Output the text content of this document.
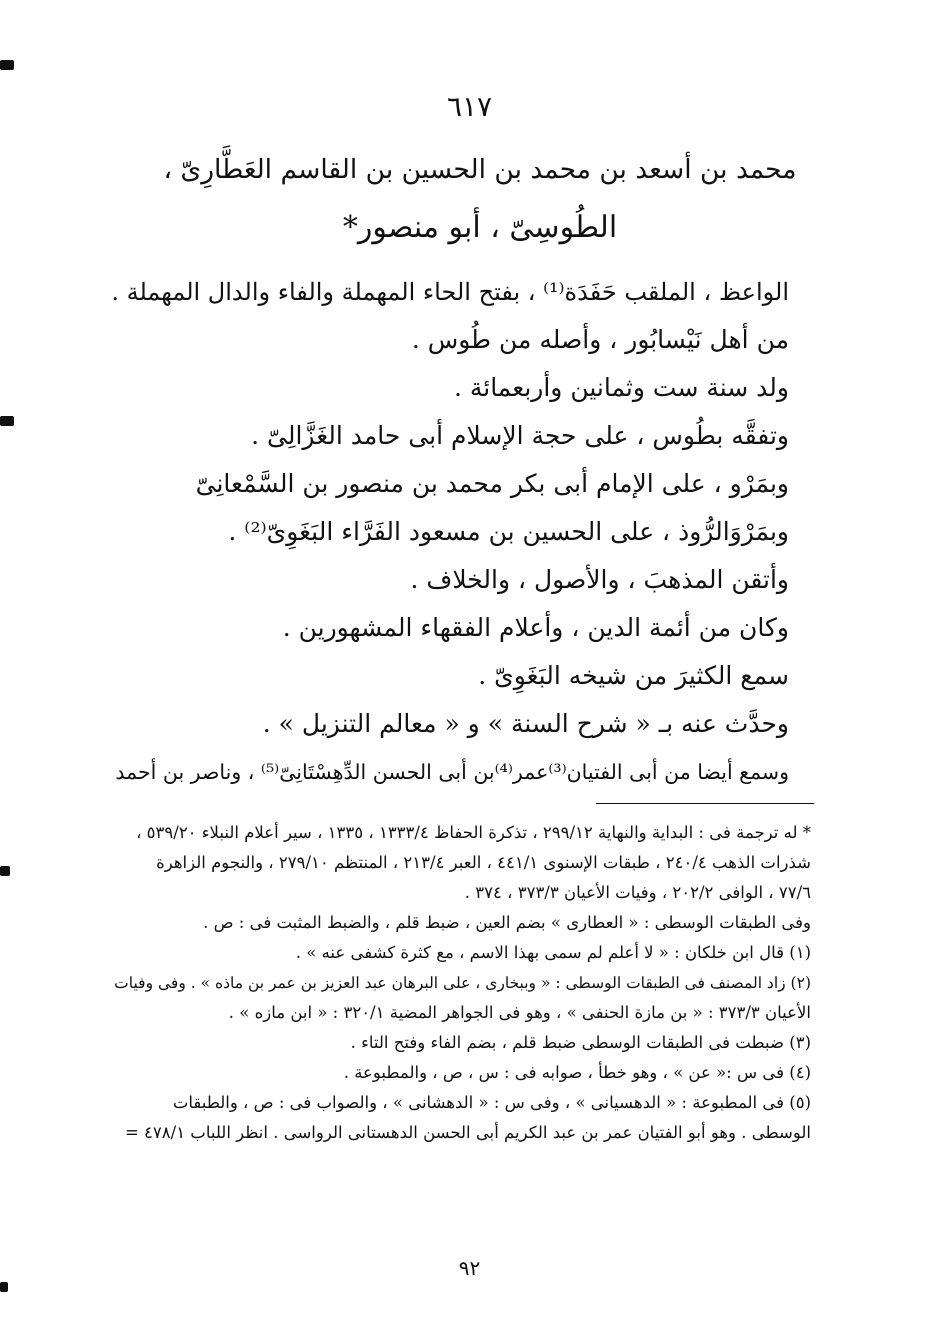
٦١٧
محمد بن أسعد بن محمد بن الحسين بن القاسم العَطَّارِىّ ،
الطُوسِىّ ، أبو منصور*
الواعظ ، الملقب حَفَدَة⁽¹⁾ ، بفتح الحاء المهملة والفاء والدال المهملة .
من أهل نَيْسابُور ، وأصله من طُوس .
ولد سنة ست وثمانين وأربعمائة .
وتفقَّه بطُوس ، على حجة الإسلام أبى حامد الغَزَّالِىّ .
وبمَرْو ، على الإمام أبى بكر محمد بن منصور بن السَّمْعانِىّ
وبمَرْوَالرُّوذ ، على الحسين بن مسعود الفَرَّاء البَغَوِىّ⁽²⁾ .
وأتقن المذهبَ ، والأصول ، والخلاف .
وكان من أئمة الدين ، وأعلام الفقهاء المشهورين .
سمع الكثيرَ من شيخه البَغَوِىّ .
وحدَّث عنه بـ « شرح السنة » و « معالم التنزيل » .
وسمع أيضا من أبى الفتيان⁽³⁾عمر⁽⁴⁾بن أبى الحسن الدِّهِسْتَانِىّ⁽⁵⁾ ، وناصر بن أحمد
* له ترجمة فى : البداية والنهاية ٢٩٩/١٢ ، تذكرة الحفاظ ١٣٣٣/٤ ، ١٣٣٥ ، سير أعلام النبلاء ٥٣٩/٢٠ ،
شذرات الذهب ٢٤٠/٤ ، طبقات الإسنوى ٤٤١/١ ، العبر ٢١٣/٤ ، المنتظم ٢٧٩/١٠ ، والنجوم الزاهرة
٧٧/٦ ، الوافى ٢٠٢/٢ ، وفيات الأعيان ٣٧٣/٣ ، ٣٧٤ .
وفى الطبقات الوسطى : « العطارى » بضم العين ، ضبط قلم ، والضبط المثبت فى : ص .
(١) قال ابن خلكان : « لا أعلم لم سمى بهذا الاسم ، مع كثرة كشفى عنه » .
(٢) زاد المصنف فى الطبقات الوسطى : « وببخارى ، على البرهان عبد العزيز بن عمر بن ماذه » . وفى وفيات
الأعيان ٣٧٣/٣ : « بن مازة الحنفى » ، وهو فى الجواهر المضية ٣٢٠/١ : « ابن مازه » .
(٣) ضبطت فى الطبقات الوسطى ضبط قلم ، بضم الفاء وفتح التاء .
(٤) فى س :« عن » ، وهو خطأ ، صوابه فى : س ، ص ، والمطبوعة .
(٥) فى المطبوعة : « الدهسيانى » ، وفى س : « الدهشانى » ، والصواب فى : ص ، والطبقات
الوسطى . وهو أبو الفتيان عمر بن عبد الكريم أبى الحسن الدهستانى الرواسى . انظر اللباب ٤٧٨/١ =
٩٢
